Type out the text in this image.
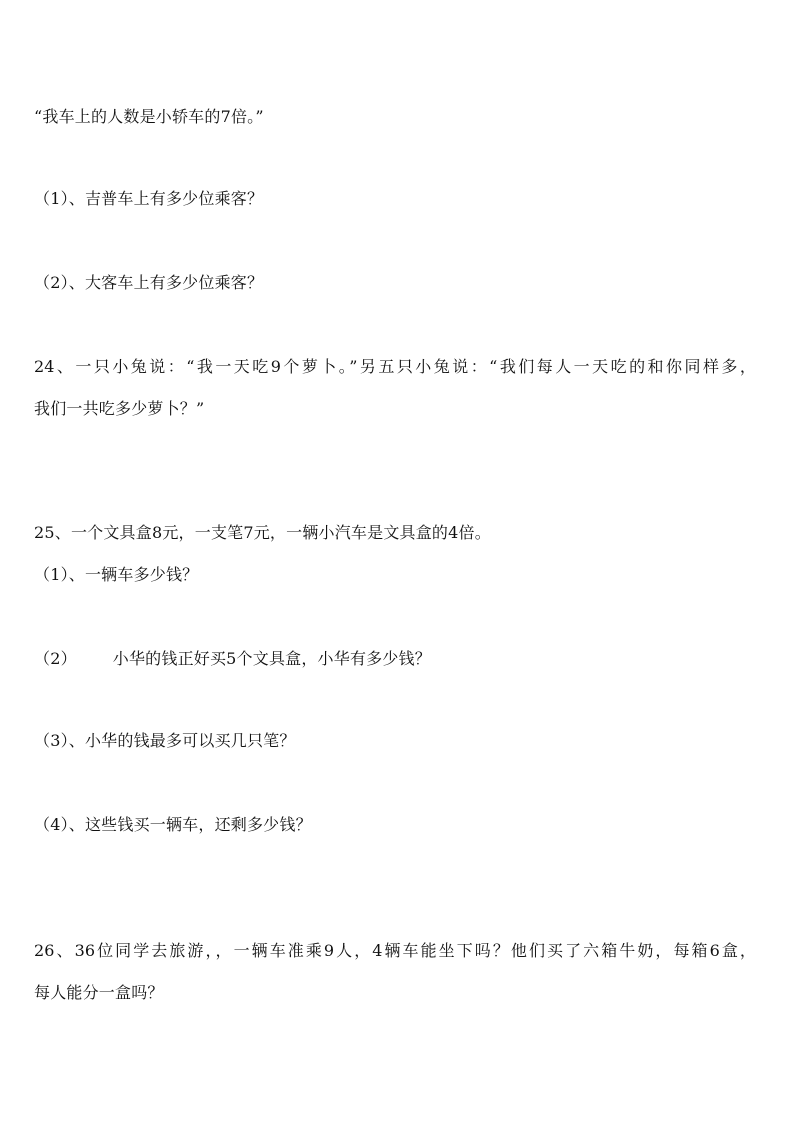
“我车上的人数是小轿车的7倍。”
（1）、吉普车上有多少位乘客？
（2）、大客车上有多少位乘客？
24、一只小兔说：“我一天吃9个萝卜。”另五只小兔说：“我们每人一天吃的和你同样多，
我们一共吃多少萝卜？”
25、一个文具盒8元，一支笔7元，一辆小汽车是文具盒的4倍。
（1）、一辆车多少钱？
（2） 小华的钱正好买5个文具盒，小华有多少钱？
（3）、小华的钱最多可以买几只笔？
（4）、这些钱买一辆车，还剩多少钱？
26、36位同学去旅游，，一辆车准乘9人，4辆车能坐下吗？他们买了六箱牛奶，每箱6盒，
每人能分一盒吗？
